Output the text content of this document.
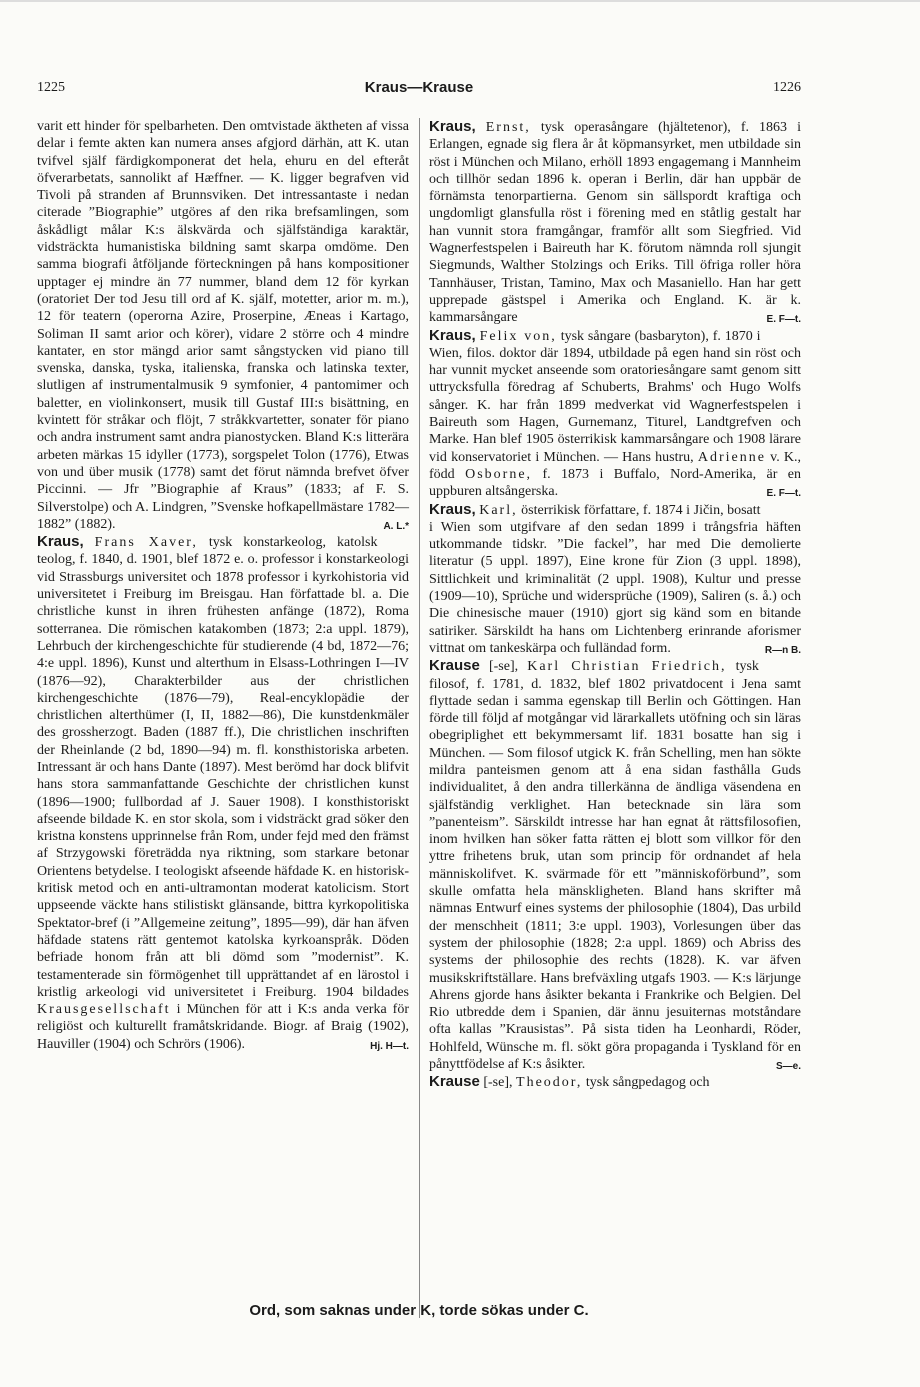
1225	Kraus—Krause	1226

varit ett hinder för spelbarheten. Den omtvistade äktheten af vissa delar i femte akten kan numera anses afgjord därhän, att K. utan tvifvel själf färdigkomponerat det hela, ehuru en del efteråt öfverarbetats, sannolikt af Hæffner. — K. ligger begrafven vid Tivoli på stranden af Brunnsviken. Det intressantaste i nedan citerade ”Biographie” utgöres af den rika brefsamlingen, som åskådligt målar K:s älskvärda och själfständiga karaktär, vidsträckta humanistiska bildning samt skarpa omdöme. Den samma biografi åtföljande förteckningen på hans kompositioner upptager ej mindre än 77 nummer, bland dem 12 för kyrkan (oratoriet Der tod Jesu till ord af K. själf, motetter, arior m. m.), 12 för teatern (operorna Azire, Proserpine, Æneas i Kartago, Soliman II samt arior och körer), vidare 2 större och 4 mindre kantater, en stor mängd arior samt sångstycken vid piano till svenska, danska, tyska, italienska, franska och latinska texter, slutligen af instrumentalmusik 9 symfonier, 4 pantomimer och baletter, en violinkonsert, musik till Gustaf III:s bisättning, en kvintett för stråkar och flöjt, 7 stråkkvartetter, sonater för piano och andra instrument samt andra pianostycken. Bland K:s litterära arbeten märkas 15 idyller (1773), sorgspelet Tolon (1776), Etwas von und über musik (1778) samt det förut nämnda brefvet öfver Piccinni. — Jfr ”Biographie af Kraus” (1833; af F. S. Silverstolpe) och A. Lindgren, ”Svenske hofkapellmästare 1782—1882” (1882).	A. L.*

Kraus, Frans Xaver, tysk konstarkeolog, katolsk teolog, f. 1840, d. 1901, blef 1872 e. o. professor i konstarkeologi vid Strassburgs universitet och 1878 professor i kyrkohistoria vid universitetet i Freiburg im Breisgau. Han författade bl. a. Die christliche kunst in ihren frühesten anfänge (1872), Roma sotterranea. Die römischen katakomben (1873; 2:a uppl. 1879), Lehrbuch der kirchengeschichte für studierende (4 bd, 1872—76; 4:e uppl. 1896), Kunst und alterthum in Elsass-Lothringen I—IV (1876—92), Charakterbilder aus der christlichen kirchengeschichte (1876—79), Real-encyklopädie der christlichen alterthümer (I, II, 1882—86), Die kunstdenkmäler des grossherzogt. Baden (1887 ff.), Die christlichen inschriften der Rheinlande (2 bd, 1890—94) m. fl. konsthistoriska arbeten. Intressant är och hans Dante (1897). Mest berömd har dock blifvit hans stora sammanfattande Geschichte der christlichen kunst (1896—1900; fullbordad af J. Sauer 1908). I konsthistoriskt afseende bildade K. en stor skola, som i vidsträckt grad söker den kristna konstens upprinnelse från Rom, under fejd med den främst af Strzygowski företrädda nya riktning, som starkare betonar Orientens betydelse. I teologiskt afseende häfdade K. en historisk-kritisk metod och en anti-ultramontan moderat katolicism. Stort uppseende väckte hans stilistiskt glänsande, bittra kyrkopolitiska Spektator-bref (i ”Allgemeine zeitung”, 1895—99), där han äfven häfdade statens rätt gentemot katolska kyrkoanspråk. Döden befriade honom från att bli dömd som ”modernist”. K. testamenterade sin förmögenhet till upprättandet af en lärostol i kristlig arkeologi vid universitetet i Freiburg. 1904 bildades Krausgesellschaft i München för att i K:s anda verka för religiöst och kulturellt framåtskridande. Biogr. af Braig (1902), Hauviller (1904) och Schrörs (1906).	Hj. H—t.

Kraus, Ernst, tysk operasångare (hjältetenor), f. 1863 i Erlangen, egnade sig flera år åt köpmansyrket, men utbildade sin röst i München och Milano, erhöll 1893 engagemang i Mannheim och tillhör sedan 1896 k. operan i Berlin, där han uppbär de förnämsta tenorpartierna. Genom sin sällspordt kraftiga och ungdomligt glansfulla röst i förening med en ståtlig gestalt har han vunnit stora framgångar, framför allt som Siegfried. Vid Wagnerfestspelen i Baireuth har K. förutom nämnda roll sjungit Siegmunds, Walther Stolzings och Eriks. Till öfriga roller höra Tannhäuser, Tristan, Tamino, Max och Masaniello. Han har gett upprepade gästspel i Amerika och England. K. är k. kammarsångare	E. F—t.

Kraus, Felix von, tysk sångare (basbaryton), f. 1870 i Wien, filos. doktor där 1894, utbildade på egen hand sin röst och har vunnit mycket anseende som oratoriesångare samt genom sitt uttrycksfulla föredrag af Schuberts, Brahms' och Hugo Wolfs sånger. K. har från 1899 medverkat vid Wagnerfestspelen i Baireuth som Hagen, Gurnemanz, Titurel, Landtgrefven och Marke. Han blef 1905 österrikisk kammarsångare och 1908 lärare vid konservatoriet i München. — Hans hustru, Adrienne v. K., född Osborne, f. 1873 i Buffalo, Nord-Amerika, är en uppburen altsångerska.	E. F—t.

Kraus, Karl, österrikisk författare, f. 1874 i Jičin, bosatt i Wien som utgifvare af den sedan 1899 i trångsfria häften utkommande tidskr. ”Die fackel”, har med Die demolierte literatur (5 uppl. 1897), Eine krone für Zion (3 uppl. 1898), Sittlichkeit und kriminalität (2 uppl. 1908), Kultur und presse (1909—10), Sprüche und widersprüche (1909), Saliren (s. å.) och Die chinesische mauer (1910) gjort sig känd som en bitande satiriker. Särskildt ha hans om Lichtenberg erinrande aforismer vittnat om tankeskärpa och fulländad form.	R—n B.

Krause [-se], Karl Christian Friedrich, tysk filosof, f. 1781, d. 1832, blef 1802 privatdocent i Jena samt flyttade sedan i samma egenskap till Berlin och Göttingen. Han förde till följd af motgångar vid lärarkallets utöfning och sin läras obegriplighet ett bekymmersamt lif. 1831 bosatte han sig i München. — Som filosof utgick K. från Schelling, men han sökte mildra panteismen genom att å ena sidan fasthålla Guds individualitet, å den andra tillerkänna de ändliga väsendena en själfständig verklighet. Han betecknade sin lära som ”panenteism”. Särskildt intresse har han egnat åt rättsfilosofien, inom hvilken han söker fatta rätten ej blott som villkor för den yttre frihetens bruk, utan som princip för ordnandet af hela människolifvet. K. svärmade för ett ”människoförbund”, som skulle omfatta hela mänskligheten. Bland hans skrifter må nämnas Entwurf eines systems der philosophie (1804), Das urbild der menschheit (1811; 3:e uppl. 1903), Vorlesungen über das system der philosophie (1828; 2:a uppl. 1869) och Abriss des systems der philosophie des rechts (1828). K. var äfven musikskriftställare. Hans brefväxling utgafs 1903. — K:s lärjunge Ahrens gjorde hans åsikter bekanta i Frankrike och Belgien. Del Rio utbredde dem i Spanien, där ännu jesuiternas motståndare ofta kallas ”Krausistas”. På sista tiden ha Leonhardi, Röder, Hohlfeld, Wünsche m. fl. sökt göra propaganda i Tyskland för en pånyttfödelse af K:s åsikter.	S—e.

Krause [-se], Theodor, tysk sångpedagog och

Ord, som saknas under K, torde sökas under C.
